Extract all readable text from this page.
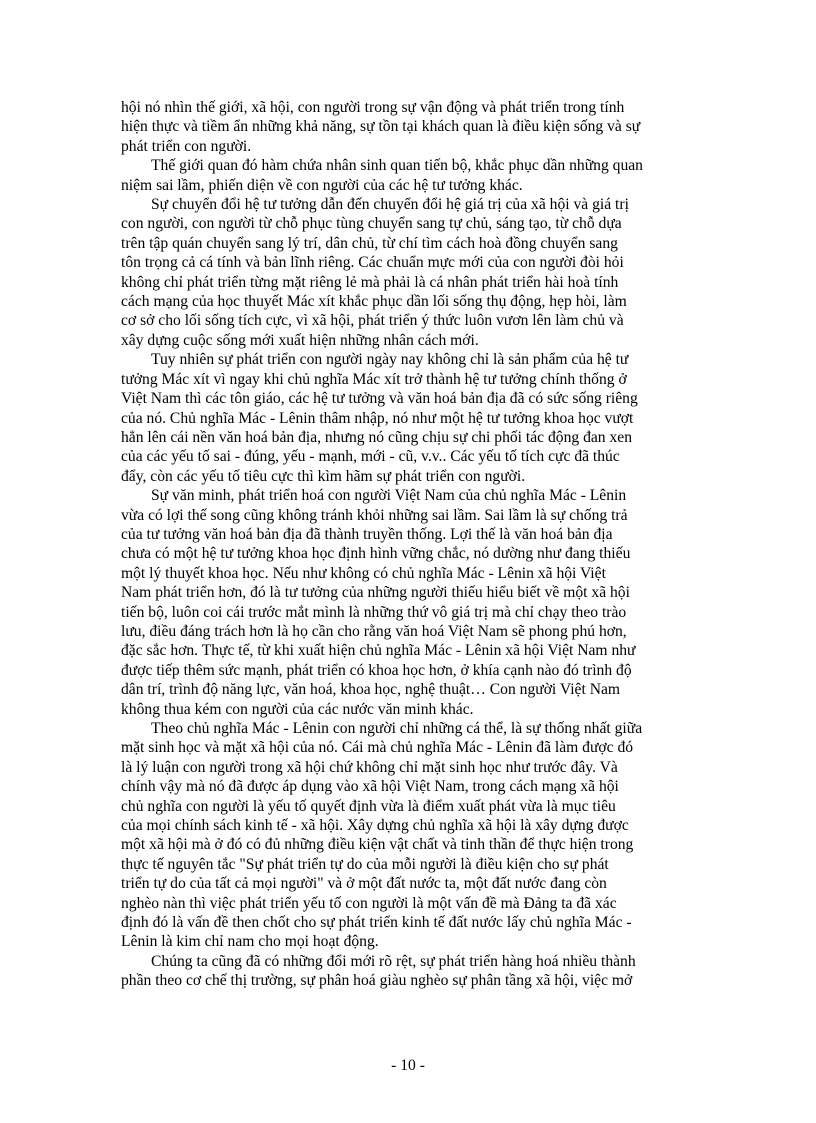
hội nó nhìn thế giới, xã hội, con người trong sự vận động và phát triển trong tính
hiện thực và tiềm ẩn những khả năng, sự tồn tại khách quan là điều kiện sống và sự
phát triển con người.
Thế giới quan đó hàm chứa nhân sinh quan tiến bộ, khắc phục dần những quan
niệm sai lầm, phiến diện về con người của các hệ tư tưởng khác.
Sự chuyển đổi hệ tư tưởng dẫn đến chuyển đổi hệ giá trị của xã hội và giá trị
con người, con người từ chỗ phục tùng chuyển sang tự chủ, sáng tạo, từ chỗ dựa
trên tập quán chuyển sang lý trí, dân chủ, từ chí tìm cách hoà đồng chuyển sang
tôn trọng cả cá tính và bản lĩnh riêng. Các chuẩn mực mới của con người đòi hỏi
không chỉ phát triển từng mặt riêng lẻ mà phải là cá nhân phát triển hài hoà tính
cách mạng của học thuyết Mác xít khắc phục dần lối sống thụ động, hẹp hòi, làm
cơ sở cho lối sống tích cực, vì xã hội, phát triển ý thức luôn vươn lên làm chủ và
xây dựng cuộc sống mới xuất hiện những nhân cách mới.
Tuy nhiên sự phát triển con người ngày nay không chỉ là sản phẩm của hệ tư
tưởng Mác xít vì ngay khi chủ nghĩa Mác xít trở thành hệ tư tưởng chính thống ở
Việt Nam thì các tôn giáo, các hệ tư tưởng và văn hoá bản địa đã có sức sống riêng
của nó. Chủ nghĩa Mác - Lênin thâm nhập, nó như một hệ tư tưởng khoa học vượt
hẳn lên cái nền văn hoá bản địa, nhưng nó cũng chịu sự chi phối tác động đan xen
của các yếu tố sai - đúng, yếu - mạnh, mới - cũ, v.v.. Các yếu tố tích cực đã thúc
đẩy, còn các yếu tố tiêu cực thì kìm hãm sự phát triển con người.
Sự văn minh, phát triển hoá con người Việt Nam của chủ nghĩa Mác - Lênin
vừa có lợi thế song cũng không tránh khỏi những sai lầm. Sai lầm là sự chống trả
của tư tưởng văn hoá bản địa đã thành truyền thống. Lợi thế là văn hoá bản địa
chưa có một hệ tư tưởng khoa học định hình vững chắc, nó dường như đang thiếu
một lý thuyết khoa học. Nếu như không có chủ nghĩa Mác - Lênin xã hội Việt
Nam phát triển hơn, đó là tư tưởng của những người thiếu hiểu biết về một xã hội
tiến bộ, luôn coi cái trước mắt mình là những thứ vô giá trị mà chỉ chạy theo trào
lưu, điều đáng trách hơn là họ cần cho rằng văn hoá Việt Nam sẽ phong phú hơn,
đặc sắc hơn. Thực tế, từ khi xuất hiện chủ nghĩa Mác - Lênin xã hội Việt Nam như
được tiếp thêm sức mạnh, phát triển có khoa học hơn, ở khía cạnh nào đó trình độ
dân trí, trình độ năng lực, văn hoá, khoa học, nghệ thuật… Con người Việt Nam
không thua kém con người của các nước văn minh khác.
Theo chủ nghĩa Mác - Lênin con người chỉ những cá thể, là sự thống nhất giữa
mặt sinh học và mặt xã hội của nó. Cái mà chủ nghĩa Mác - Lênin đã làm được đó
là lý luận con người trong xã hội chứ không chỉ mặt sinh học như trước đây. Và
chính vậy mà nó đã được áp dụng vào xã hội Việt Nam, trong cách mạng xã hội
chủ nghĩa con người là yếu tố quyết định vừa là điểm xuất phát vừa là mục tiêu
của mọi chính sách kinh tế - xã hội. Xây dựng chủ nghĩa xã hội là xây dựng được
một xã hội mà ở đó có đủ những điều kiện vật chất và tinh thần để thực hiện trong
thực tế nguyên tắc "Sự phát triển tự do của mỗi người là điều kiện cho sự phát
triển tự do của tất cả mọi người" và ở một đất nước ta, một đất nước đang còn
nghèo nàn thì việc phát triển yếu tố con người là một vấn đề mà Đảng ta đã xác
định đó là vấn đề then chốt cho sự phát triển kinh tế đất nước lấy chủ nghĩa Mác -
Lênin là kim chỉ nam cho mọi hoạt động.
Chúng ta cũng đã có những đổi mới rõ rệt, sự phát triển hàng hoá nhiều thành
phần theo cơ chế thị trường, sự phân hoá giàu nghèo sự phân tầng xã hội, việc mở
- 10 -
